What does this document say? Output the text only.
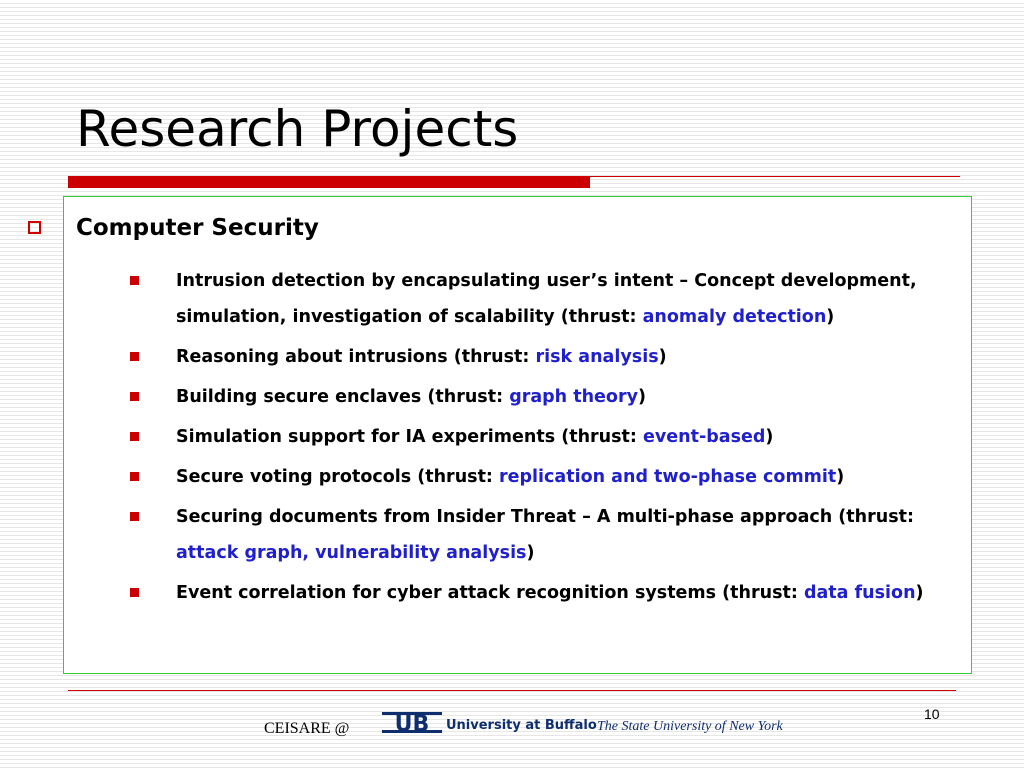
Research Projects
Computer Security
Intrusion detection by encapsulating user’s intent – Concept development, simulation, investigation of scalability (thrust: anomaly detection)
Reasoning about intrusions (thrust: risk analysis)
Building secure enclaves (thrust: graph theory)
Simulation support for IA experiments (thrust: event-based)
Secure voting protocols (thrust: replication and two-phase commit)
Securing documents from Insider Threat – A multi-phase approach (thrust: attack graph, vulnerability analysis)
Event correlation for cyber attack recognition systems (thrust: data fusion)
CEISARE @ UB University at Buffalo The State University of New York
10
